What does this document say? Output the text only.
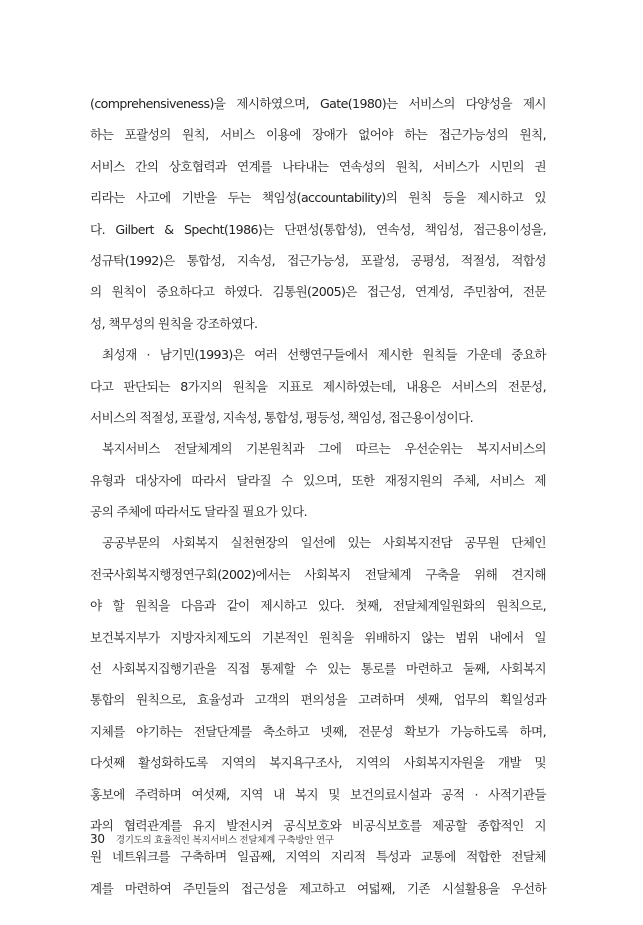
(comprehensiveness)을 제시하였으며, Gate(1980)는 서비스의 다양성을 제시
하는 포괄성의 원칙, 서비스 이용에 장애가 없어야 하는 접근가능성의 원칙,
서비스 간의 상호협력과 연계를 나타내는 연속성의 원칙, 서비스가 시민의 권
리라는 사고에 기반을 두는 책임성(accountability)의 원칙 등을 제시하고 있
다. Gilbert & Specht(1986)는 단편성(통합성), 연속성, 책임성, 접근용이성을,
성규탁(1992)은 통합성, 지속성, 접근가능성, 포괄성, 공평성, 적절성, 적합성
의 원칙이 중요하다고 하였다. 김통원(2005)은 접근성, 연계성, 주민참여, 전문
성, 책무성의 원칙을 강조하였다.
최성재 · 남기민(1993)은 여러 선행연구들에서 제시한 원칙들 가운데 중요하
다고 판단되는 8가지의 원칙을 지표로 제시하였는데, 내용은 서비스의 전문성,
서비스의 적절성, 포괄성, 지속성, 통합성, 평등성, 책임성, 접근용이성이다.
복지서비스 전달체계의 기본원칙과 그에 따르는 우선순위는 복지서비스의
유형과 대상자에 따라서 달라질 수 있으며, 또한 재정지원의 주체, 서비스 제
공의 주체에 따라서도 달라질 필요가 있다.
공공부문의 사회복지 실천현장의 일선에 있는 사회복지전담 공무원 단체인
전국사회복지행정연구회(2002)에서는 사회복지 전달체계 구축을 위해 견지해
야 할 원칙을 다음과 같이 제시하고 있다. 첫째, 전달체계일원화의 원칙으로,
보건복지부가 지방자치제도의 기본적인 원칙을 위배하지 않는 범위 내에서 일
선 사회복지집행기관을 직접 통제할 수 있는 통로를 마련하고 둘째, 사회복지
통합의 원칙으로, 효율성과 고객의 편의성을 고려하며 셋째, 업무의 획일성과
지체를 야기하는 전달단계를 축소하고 넷째, 전문성 확보가 가능하도록 하며,
다섯째 활성화하도록 지역의 복지욕구조사, 지역의 사회복지자원을 개발 및
홍보에 주력하며 여섯째, 지역 내 복지 및 보건의료시설과 공적 · 사적기관들
과의 협력관계를 유지 발전시켜 공식보호와 비공식보호를 제공할 종합적인 지
원 네트워크를 구축하며 일곱째, 지역의 지리적 특성과 교통에 적합한 전달체
계를 마련하여 주민들의 접근성을 제고하고 여덟째, 기존 시설활용을 우선하
30 경기도의 효율적인 복지서비스 전달체계 구축방안 연구
